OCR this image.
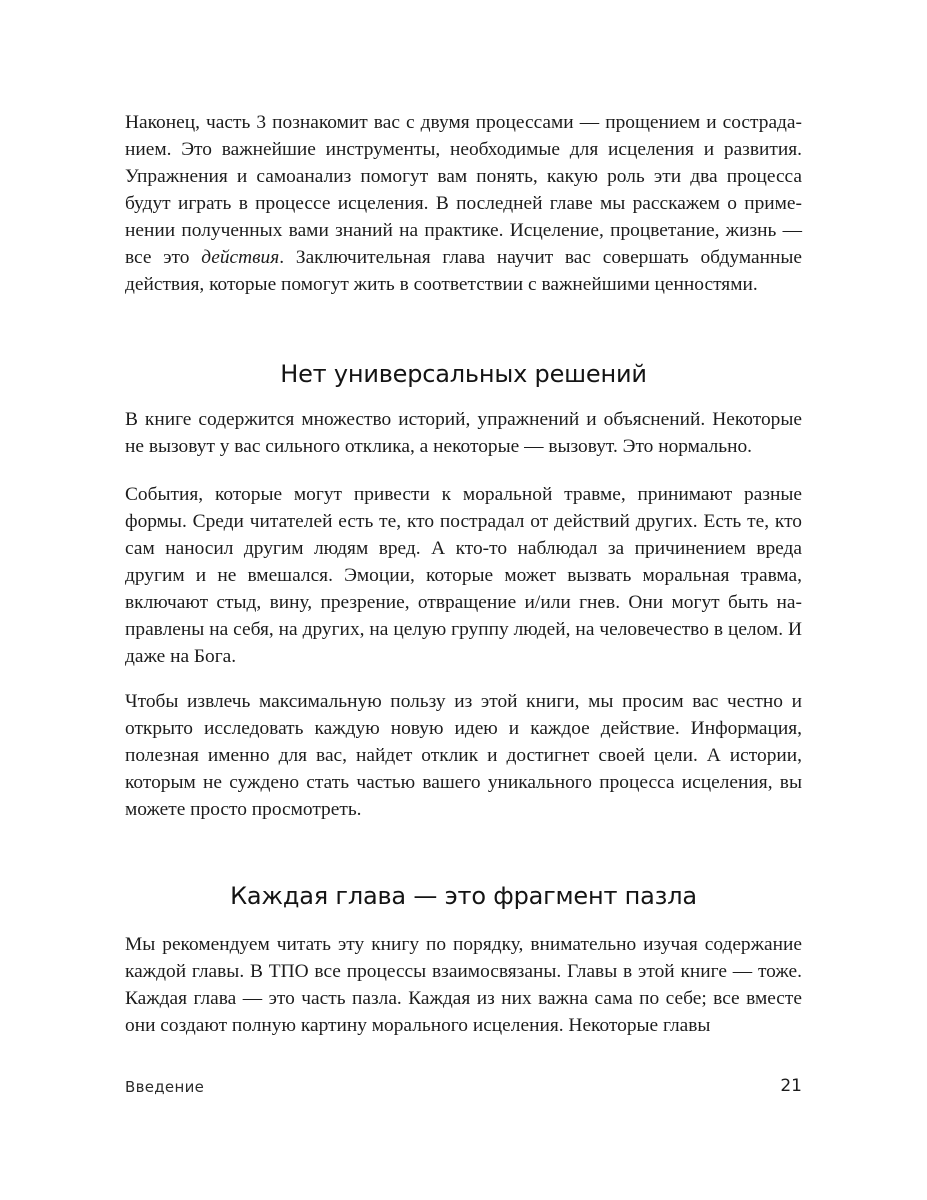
Наконец, часть 3 познакомит вас с двумя процессами — прощением и состраданием. Это важнейшие инструменты, необходимые для исцеления и развития. Упражнения и самоанализ помогут вам понять, какую роль эти два процесса будут играть в процессе исцеления. В последней главе мы расскажем о применении полученных вами знаний на практике. Исцеление, процветание, жизнь — все это действия. Заключительная глава научит вас совершать обдуманные действия, которые помогут жить в соответствии с важнейшими ценностями.

Нет универсальных решений

В книге содержится множество историй, упражнений и объяснений. Некоторые не вызовут у вас сильного отклика, а некоторые — вызовут. Это нормально.

События, которые могут привести к моральной травме, принимают разные формы. Среди читателей есть те, кто пострадал от действий других. Есть те, кто сам наносил другим людям вред. А кто-то наблюдал за причинением вреда другим и не вмешался. Эмоции, которые может вызвать моральная травма, включают стыд, вину, презрение, отвращение и/или гнев. Они могут быть направлены на себя, на других, на целую группу людей, на человечество в целом. И даже на Бога.

Чтобы извлечь максимальную пользу из этой книги, мы просим вас честно и открыто исследовать каждую новую идею и каждое действие. Информация, полезная именно для вас, найдет отклик и достигнет своей цели. А истории, которым не суждено стать частью вашего уникального процесса исцеления, вы можете просто просмотреть.

Каждая глава — это фрагмент пазла

Мы рекомендуем читать эту книгу по порядку, внимательно изучая содержание каждой главы. В ТПО все процессы взаимосвязаны. Главы в этой книге — тоже. Каждая глава — это часть пазла. Каждая из них важна сама по себе; все вместе они создают полную картину морального исцеления. Некоторые главы

Введение	21
